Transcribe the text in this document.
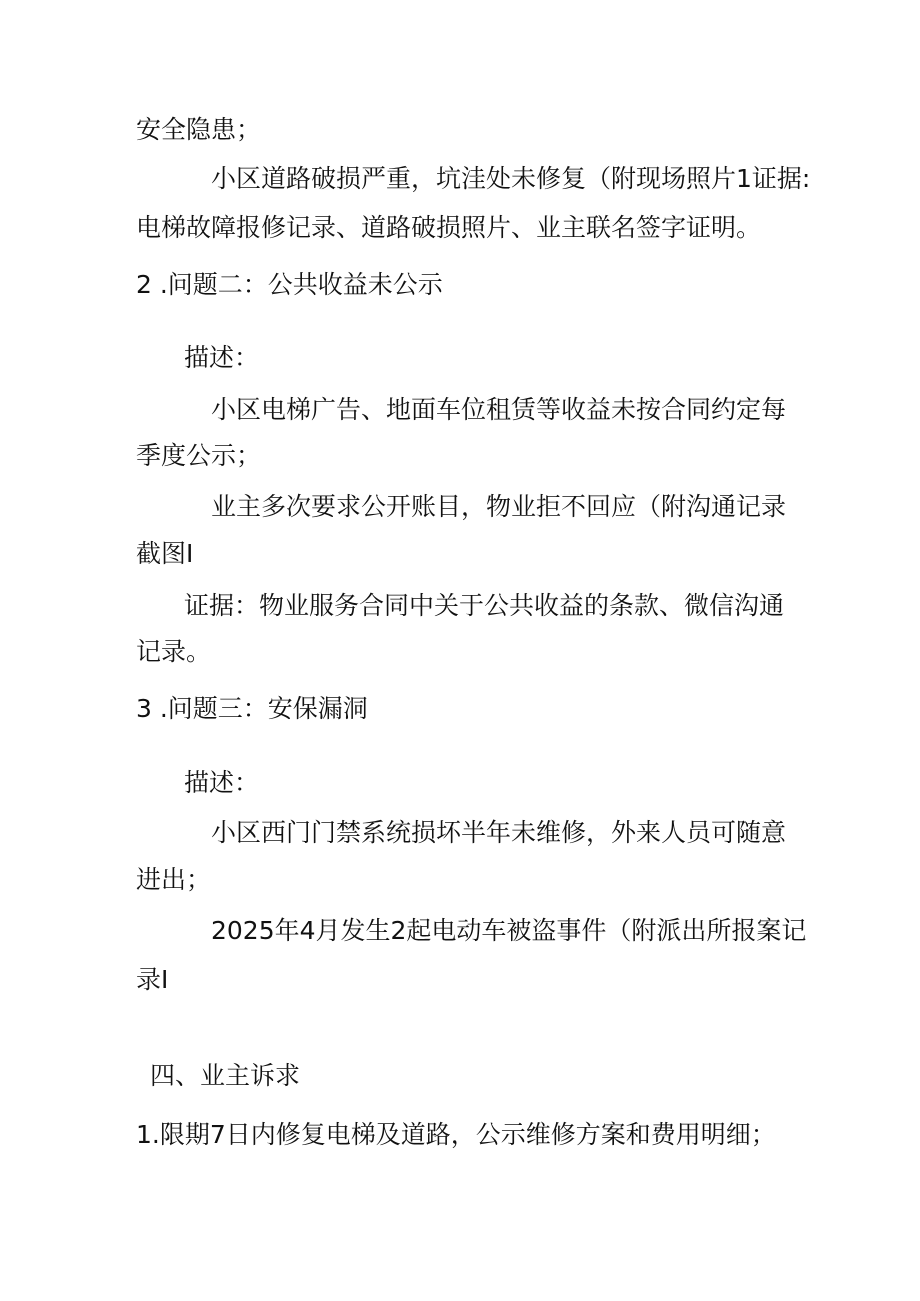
安全隐患；
小区道路破损严重，坑洼处未修复（附现场照片1证据:
电梯故障报修记录、道路破损照片、业主联名签字证明。
2 .问题二：公共收益未公示
描述：
小区电梯广告、地面车位租赁等收益未按合同约定每
季度公示；
业主多次要求公开账目，物业拒不回应（附沟通记录
截图I
证据：物业服务合同中关于公共收益的条款、微信沟通
记录。
3 .问题三：安保漏洞
描述：
小区西门门禁系统损坏半年未维修，外来人员可随意
进出；
2025年4月发生2起电动车被盗事件（附派出所报案记
录I
四、业主诉求
1.限期7日内修复电梯及道路，公示维修方案和费用明细；
